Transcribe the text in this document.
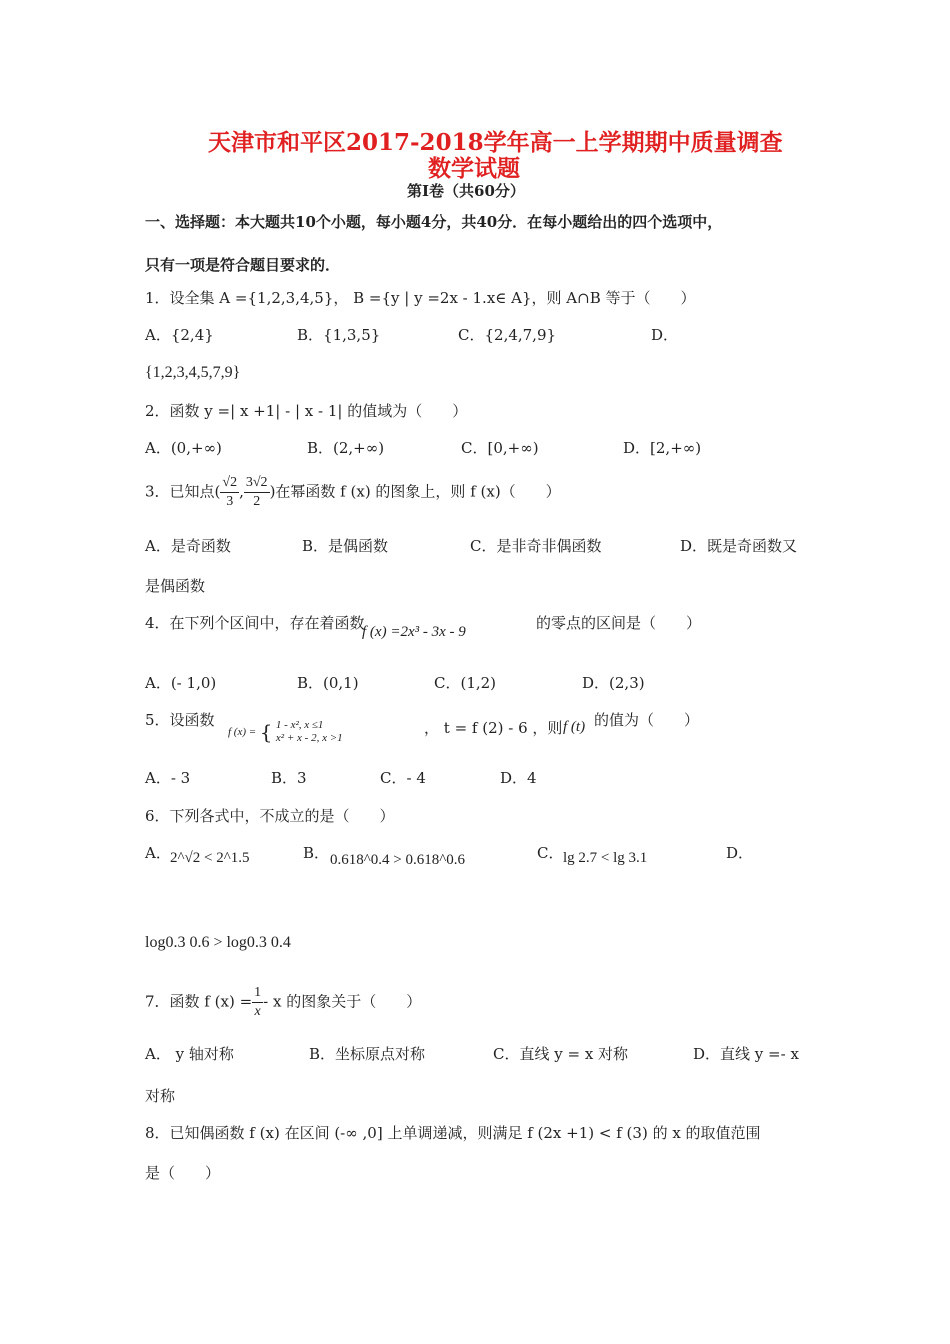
天津市和平区2017-2018学年高一上学期期中质量调查
数学试题
第Ⅰ卷（共60分）
一、选择题：本大题共10个小题，每小题4分，共40分．在每小题给出的四个选项中，
只有一项是符合题目要求的．
1．设全集 A ={1,2,3,4,5}， B ={y | y =2x - 1.x∈ A}，则 A∩B 等于（　　）
A．{2,4}	B．{1,3,5}	C．{2,4,7,9}	D．
{1,2,3,4,5,7,9}
2．函数 y =| x +1| - | x - 1| 的值域为（　　）
A．(0,+∞)	B．(2,+∞)	C．[0,+∞)	D．[2,+∞)
3．已知点( $\frac{√2}{3}$ , $\frac{3√2}{2}$ )在幂函数 f (x) 的图象上，则 f (x)（　　）
A．是奇函数	B．是偶函数	C．是非奇非偶函数	D．既是奇函数又
是偶函数
4．在下列个区间中，存在着函数
f (x) =2x³ - 3x - 9	的零点的区间是（　　）
A．(- 1,0)	B．(0,1)	C．(1,2)	D．(2,3)
5．设函数
f (x) = { 1 - x², x ≤1
x² + x - 2, x >1
， t = f (2) - 6 ，则 f (t) 的值为（　　）
A．- 3	B．3	C．- 4	D．4
6．下列各式中，不成立的是（　　）
A． 2^√2 < 2^1.5	B． 0.618^0.4 > 0.618^0.6	C． lg 2.7 < lg 3.1	D．
log0.3 0.6 > log0.3 0.4
7．函数 f $(x) = \frac{1}{x} - x$ 的图象关于（　　）
A． y 轴对称	B．坐标原点对称	C．直线 y = x 对称	D．直线 y =- x
对称
8．已知偶函数 f (x) 在区间 (-∞ ,0] 上单调递减，则满足 f (2x +1) < f (3) 的 x 的取值范围
是（　　）
